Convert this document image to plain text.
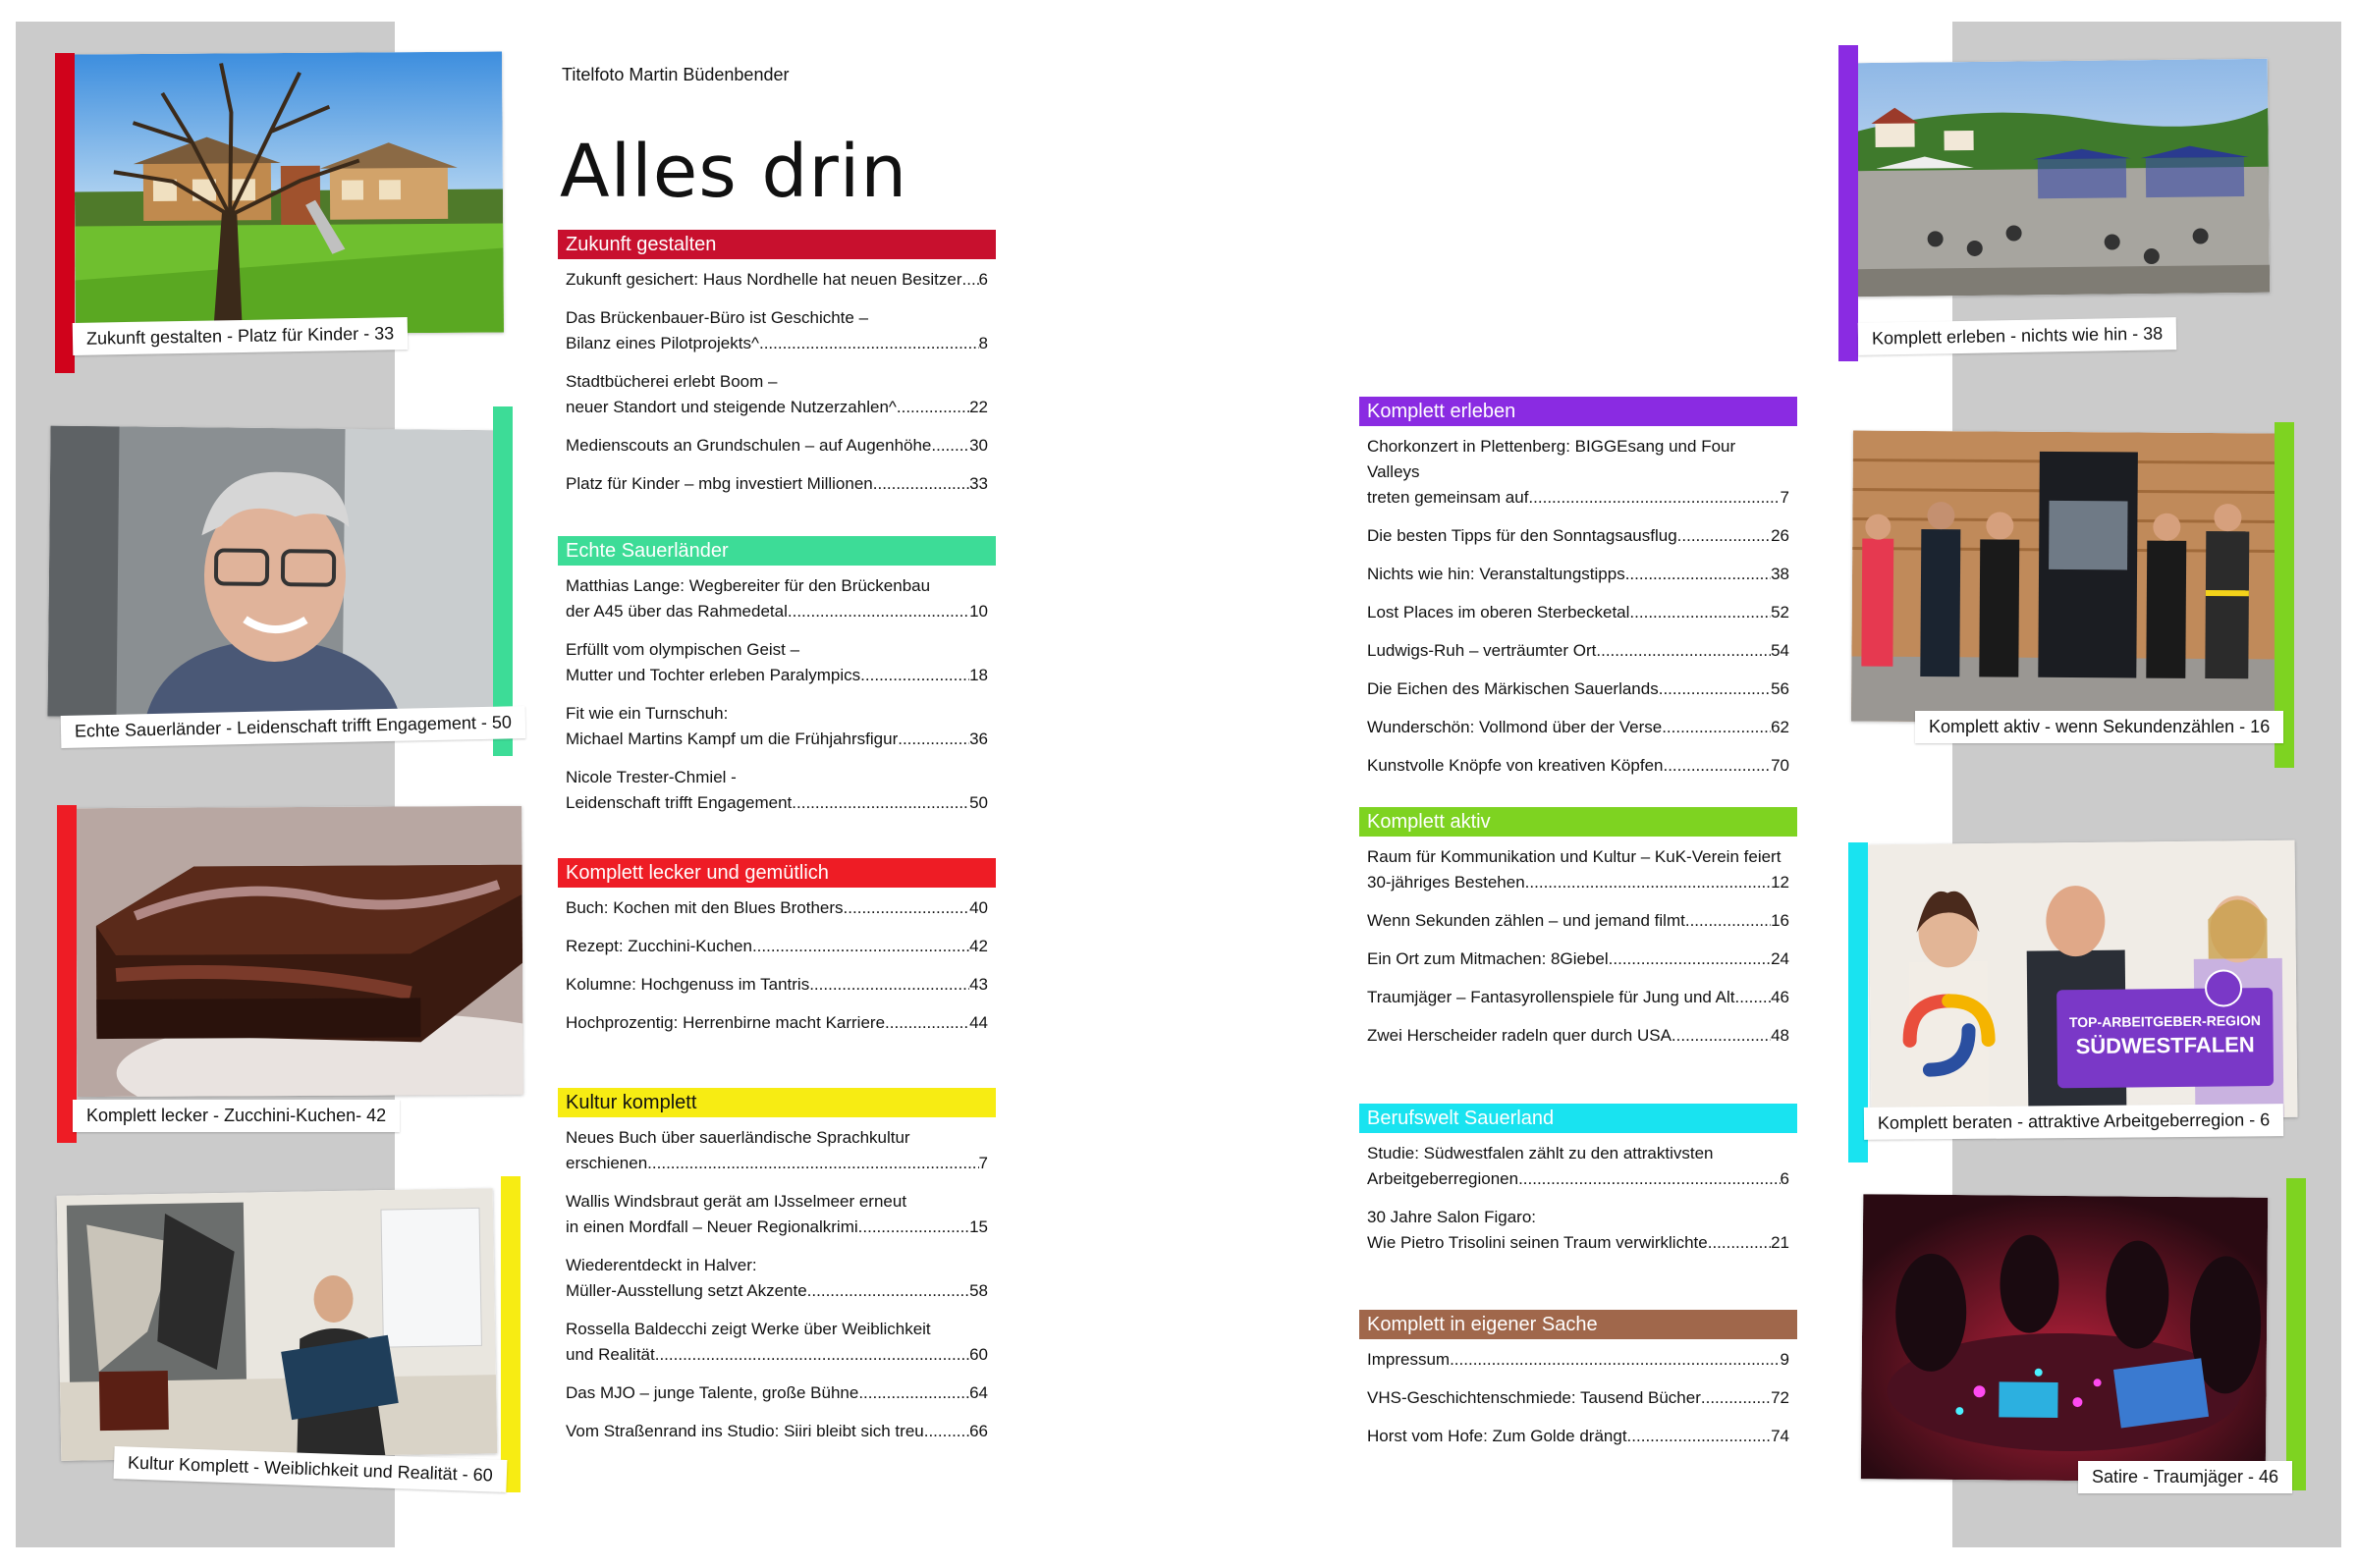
Zukunft gestalten - Platz für Kinder - 33
Echte Sauerländer - Leidenschaft trifft Engagement - 50
Komplett lecker - Zucchini-Kuchen- 42
Kultur Komplett - Weiblichkeit und Realität - 60
Titelfoto Martin Büdenbender
Alles drin
Zukunft gestalten
Zukunft gesichert: Haus Nordhelle hat neuen Besitzer ..... 6
Das Brückenbauer-Büro ist Geschichte –
Bilanz eines Pilotprojekts^ .....	8
Stadtbücherei erlebt Boom –
neuer Standort und steigende Nutzerzahlen^ .....	22
Medienscouts an Grundschulen – auf Augenhöhe ..... 30
Platz für Kinder – mbg investiert Millionen .....	33
Echte Sauerländer
Matthias Lange: Wegbereiter für den Brückenbau
der A45 über das Rahmedetal .....	10
Erfüllt vom olympischen Geist –
Mutter und Tochter erleben Paralympics .....	18
Fit wie ein Turnschuh:
Michael Martins Kampf um die Frühjahrsfigur .....	36
Nicole Trester-Chmiel -
Leidenschaft trifft Engagement .....	50
Komplett lecker und gemütlich
Buch: Kochen mit den Blues Brothers .....	40
Rezept: Zucchini-Kuchen .....	42
Kolumne: Hochgenuss im Tantris .....	43
Hochprozentig: Herrenbirne macht Karriere .....	44
Kultur komplett
Neues Buch über sauerländische Sprachkultur
erschienen .....	7
Wallis Windsbraut gerät am IJsselmeer erneut
in einen Mordfall – Neuer Regionalkrimi .....	15
Wiederentdeckt in Halver:
Müller-Ausstellung setzt Akzente .....	58
Rossella Baldecchi zeigt Werke über Weiblichkeit
und Realität .....	60
Das MJO – junge Talente, große Bühne .....	64
Vom Straßenrand ins Studio: Siiri bleibt sich treu .....	66
Komplett erleben
Chorkonzert in Plettenberg: BIGGEsang und Four Valleys
treten gemeinsam auf .....	7
Die besten Tipps für den Sonntagsausflug .....	26
Nichts wie hin: Veranstaltungstipps .....	38
Lost Places im oberen Sterbecketal .....	52
Ludwigs-Ruh – verträumter Ort .....	54
Die Eichen des Märkischen Sauerlands .....	56
Wunderschön: Vollmond über der Verse .....	62
Kunstvolle Knöpfe von kreativen Köpfen .....	70
Komplett aktiv
Raum für Kommunikation und Kultur – KuK-Verein feiert
30-jähriges Bestehen .....	12
Wenn Sekunden zählen – und jemand filmt .....	16
Ein Ort zum Mitmachen: 8Giebel .....	24
Traumjäger – Fantasyrollenspiele für Jung und Alt ..... 46
Zwei Herscheider radeln quer durch USA .....	48
Berufswelt Sauerland
Studie: Südwestfalen zählt zu den attraktivsten
Arbeitgeberregionen .....	6
30 Jahre Salon Figaro:
Wie Pietro Trisolini seinen Traum verwirklichte .....	21
Komplett in eigener Sache
Impressum .....	9
VHS-Geschichtenschmiede: Tausend Bücher .....	72
Horst vom Hofe: Zum Golde drängt .....	74
Komplett erleben - nichts wie hin - 38
Komplett aktiv - wenn Sekundenzählen - 16
TOP-ARBEITGEBER-REGION
SÜDWESTFALEN
Komplett beraten - attraktive Arbeitgeberregion - 6
Satire - Traumjäger - 46
